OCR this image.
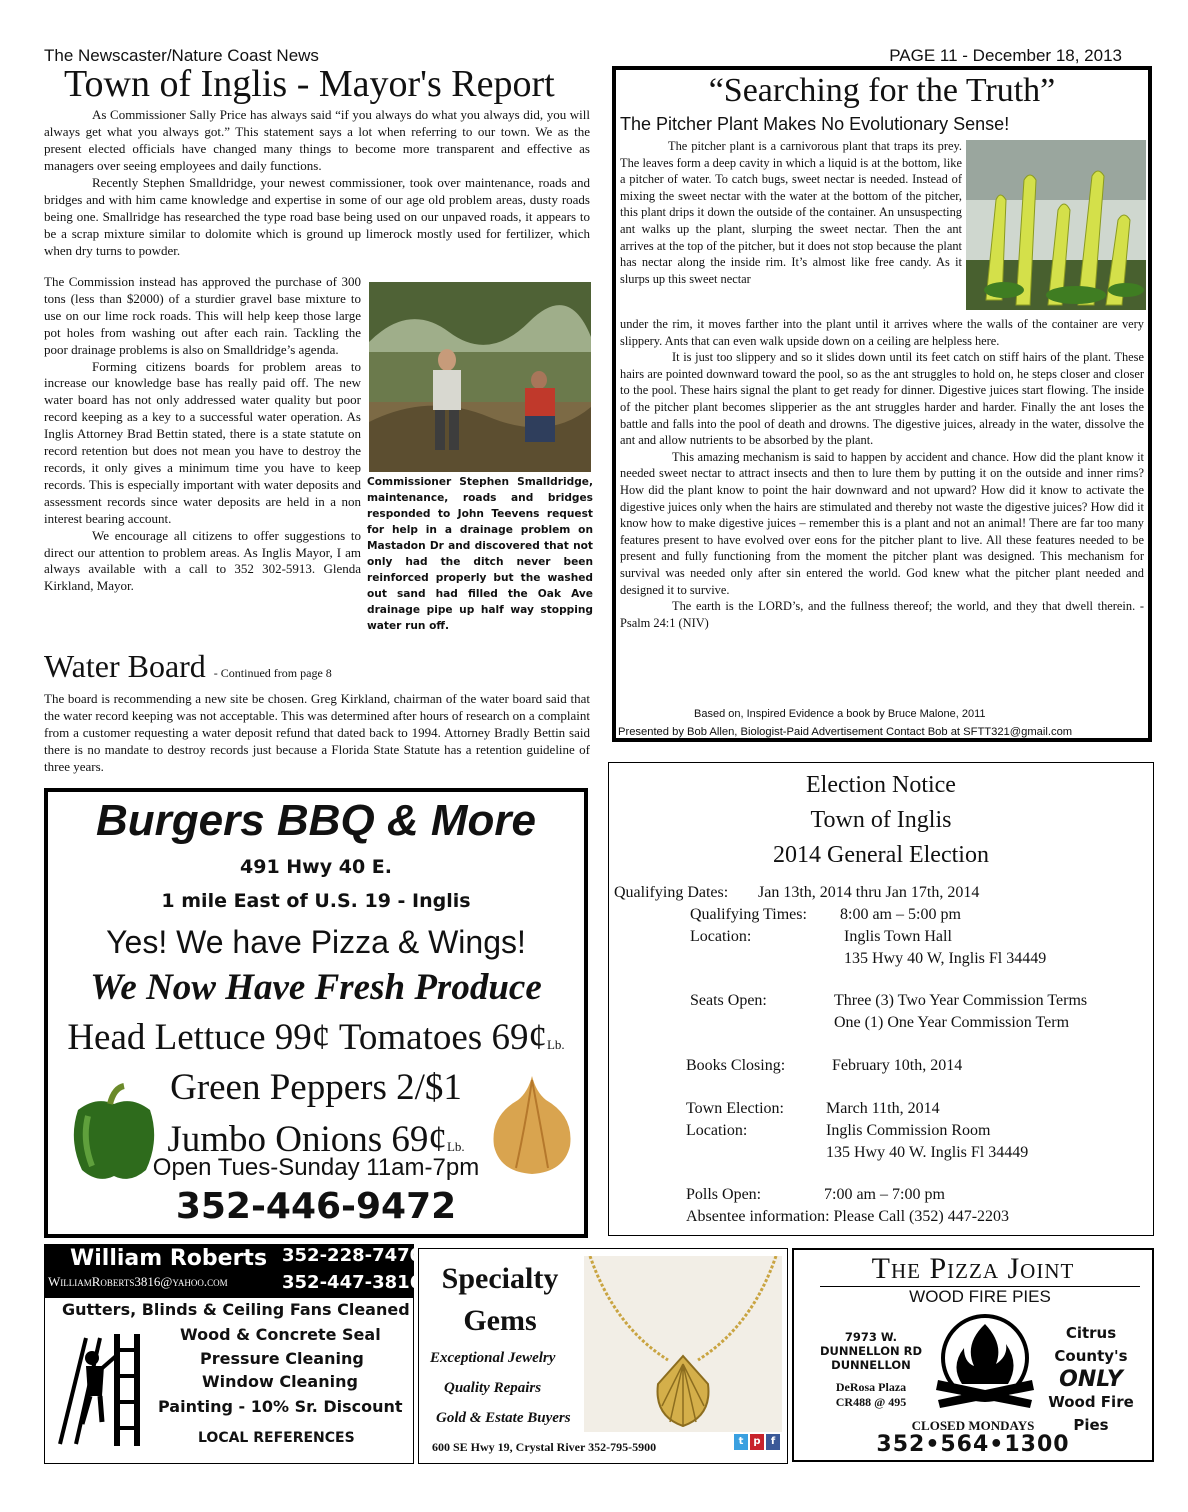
The Newscaster/Nature Coast News	PAGE 11 - December 18, 2013
Town of Inglis - Mayor's Report

As Commissioner Sally Price has always said “if you always do what you always did, you will always get what you always got.” This statement says a lot when referring to our town. We as the present elected officials have changed many things to become more transparent and effective as managers over seeing employees and daily functions.

Recently Stephen Smalldridge, your newest commissioner, took over maintenance, roads and bridges and with him came knowledge and expertise in some of our age old problem areas, dusty roads being one. Smallridge has researched the type road base being used on our unpaved roads, it appears to be a scrap mixture similar to dolomite which is ground up limerock mostly used for fertilizer, which when dry turns to powder.

The Commission instead has approved the purchase of 300 tons (less than $2000) of a sturdier gravel base mixture to use on our lime rock roads. This will help keep those large pot holes from washing out after each rain. Tackling the poor drainage problems is also on Smalldridge’s agenda.

Forming citizens boards for problem areas to increase our knowledge base has really paid off. The new water board has not only addressed water quality but poor record keeping as a key to a successful water operation. As Inglis Attorney Brad Bettin stated, there is a state statute on record retention but does not mean you have to destroy the records, it only gives a minimum time you have to keep records. This is especially important with water deposits and assessment records since water deposits are held in a non interest bearing account.

We encourage all citizens to offer suggestions to direct our attention to problem areas. As Inglis Mayor, I am always available with a call to 352 302-5913. Glenda Kirkland, Mayor.

Commissioner Stephen Smalldridge, maintenance, roads and bridges responded to John Teevens request for help in a drainage problem on Mastadon Dr and discovered that not only had the ditch never been reinforced properly but the washed out sand had filled the Oak Ave drainage pipe up half way stopping water run off.
Water Board - Continued from page 8
The board is recommending a new site be chosen. Greg Kirkland, chairman of the water board said that the water record keeping was not acceptable. This was determined after hours of research on a complaint from a customer requesting a water deposit refund that dated back to 1994. Attorney Bradly Bettin said there is no mandate to destroy records just because a Florida State Statute has a retention guideline of three years.
“Searching for the Truth”
The Pitcher Plant Makes No Evolutionary Sense!

The pitcher plant is a carnivorous plant that traps its prey. The leaves form a deep cavity in which a liquid is at the bottom, like a pitcher of water. To catch bugs, sweet nectar is needed. Instead of mixing the sweet nectar with the water at the bottom of the pitcher, this plant drips it down the outside of the container. An unsuspecting ant walks up the plant, slurping the sweet nectar. Then the ant arrives at the top of the pitcher, but it does not stop because the plant has nectar along the inside rim. It’s almost like free candy. As it slurps up this sweet nectar

under the rim, it moves farther into the plant until it arrives where the walls of the container are very slippery. Ants that can even walk upside down on a ceiling are helpless here.

It is just too slippery and so it slides down until its feet catch on stiff hairs of the plant. These hairs are pointed downward toward the pool, so as the ant struggles to hold on, he steps closer and closer to the pool. These hairs signal the plant to get ready for dinner. Digestive juices start flowing. The inside of the pitcher plant becomes slipperier as the ant struggles harder and harder. Finally the ant loses the battle and falls into the pool of death and drowns. The digestive juices, already in the water, dissolve the ant and allow nutrients to be absorbed by the plant.

This amazing mechanism is said to happen by accident and chance. How did the plant know it needed sweet nectar to attract insects and then to lure them by putting it on the outside and inner rims? How did the plant know to point the hair downward and not upward? How did it know to activate the digestive juices only when the hairs are stimulated and thereby not waste the digestive juices? How did it know how to make digestive juices – remember this is a plant and not an animal! There are far too many features present to have evolved over eons for the pitcher plant to live. All these features needed to be present and fully functioning from the moment the pitcher plant was designed. This mechanism for survival was needed only after sin entered the world. God knew what the pitcher plant needed and designed it to survive.

The earth is the LORD’s, and the fullness thereof; the world, and they that dwell therein. - Psalm 24:1 (NIV)

Based on, Inspired Evidence a book by Bruce Malone, 2011
Presented by Bob Allen, Biologist-Paid Advertisement Contact Bob at SFTT321@gmail.com
Election Notice
Town of Inglis
2014 General Election
Qualifying Dates: Jan 13th, 2014 thru Jan 17th, 2014
Qualifying Times: 8:00 am – 5:00 pm
Location:	Inglis Town Hall
135 Hwy 40 W, Inglis Fl 34449
Seats Open:	Three (3) Two Year Commission Terms
One (1) One Year Commission Term
Books Closing:	February 10th, 2014
Town Election:	March 11th, 2014
Location:	Inglis Commission Room
135 Hwy 40 W. Inglis Fl 34449
Polls Open:	7:00 am – 7:00 pm
Absentee information: Please Call (352) 447-2203
Burgers BBQ & More
491 Hwy 40 E.
1 mile East of U.S. 19 - Inglis
Yes! We have Pizza & Wings!
We Now Have Fresh Produce
Head Lettuce 99¢ Tomatoes 69¢Lb.
Green Peppers 2/$1
Jumbo Onions 69¢Lb.
Open Tues-Sunday 11am-7pm
352-446-9472
William Roberts
WilliamRoberts3816@yahoo.com
352-228-7470
352-447-3816
Gutters, Blinds & Ceiling Fans Cleaned
Wood & Concrete Seal
Pressure Cleaning
Window Cleaning
Painting - 10% Sr. Discount
LOCAL REFERENCES
Specialty Gems
Exceptional Jewelry
Quality Repairs
Gold & Estate Buyers
600 SE Hwy 19, Crystal River 352-795-5900	t	p	f
The Pizza Joint
WOOD FIRE PIES
7973 W.
DUNNELLON RD
DUNNELLON
DeRosa Plaza
CR488 @ 495
Citrus County's
ONLY
Wood Fire Pies
CLOSED MONDAYS
352•564•1300
